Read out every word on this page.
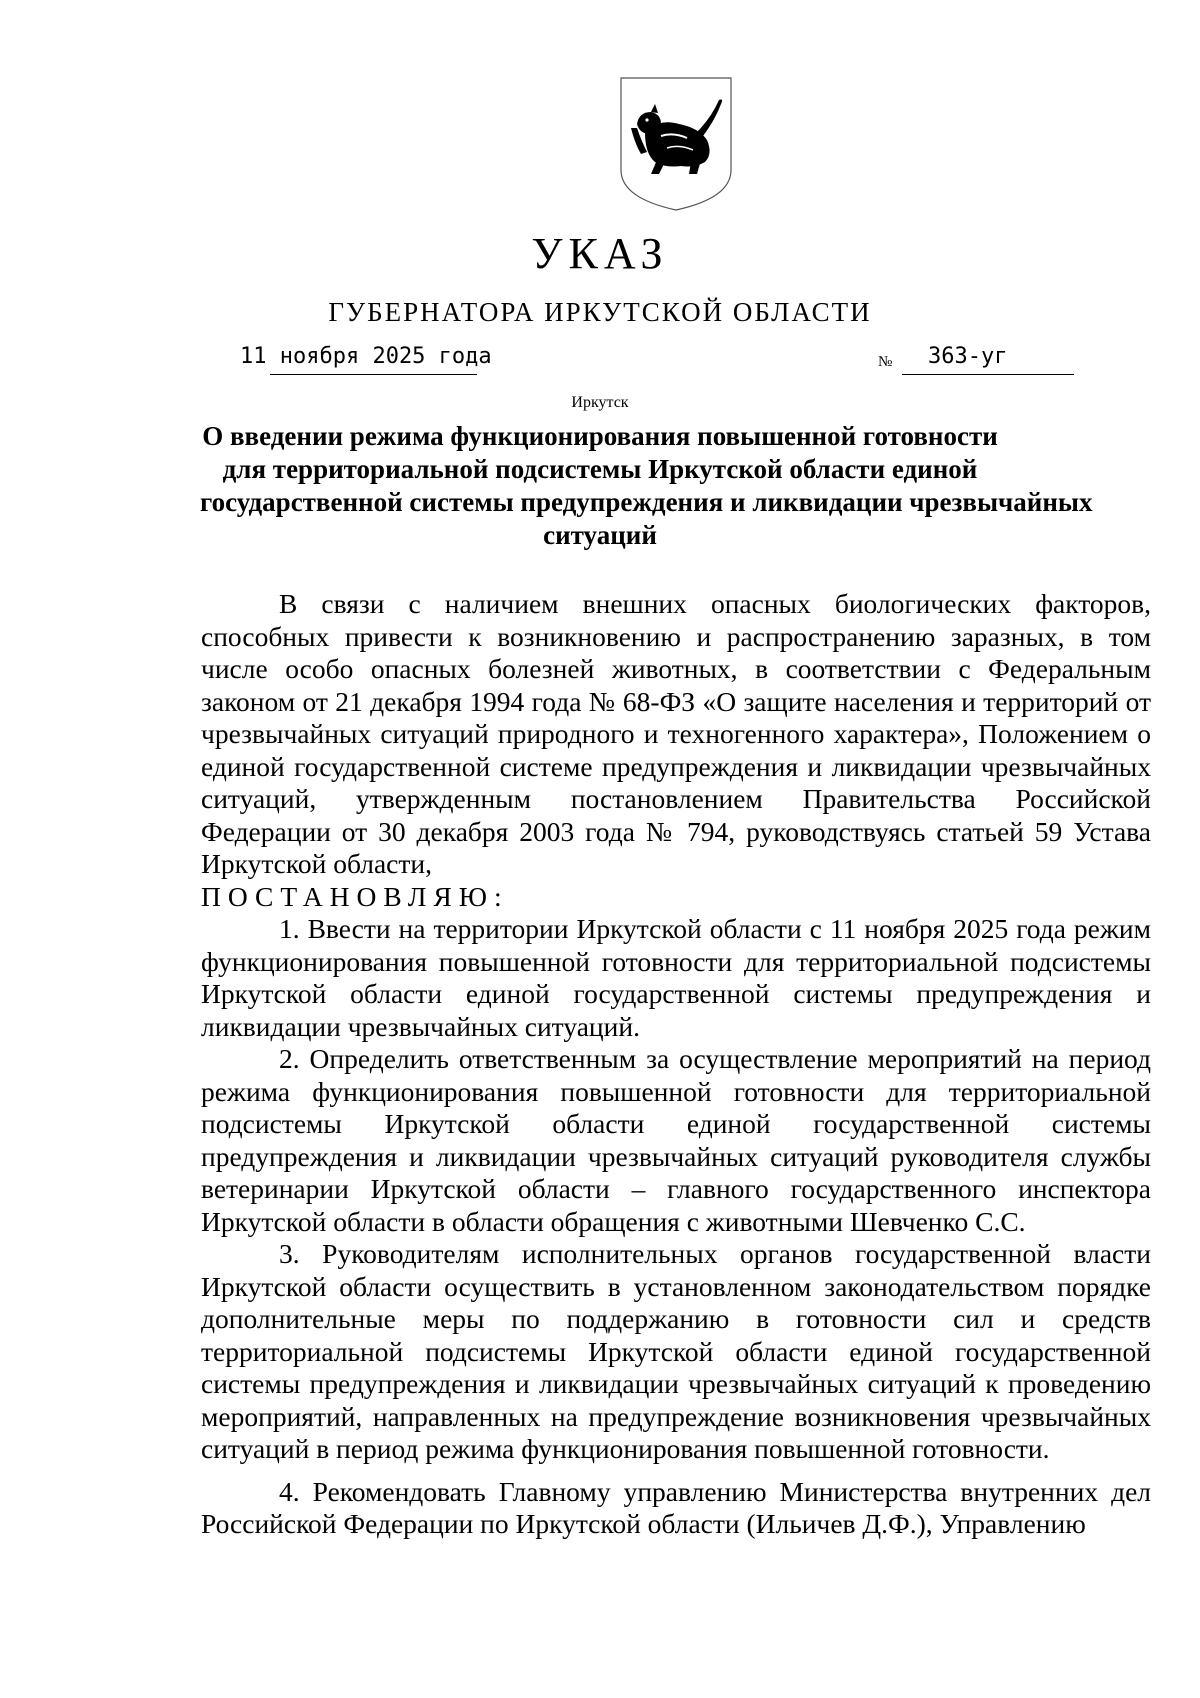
УКАЗ
ГУБЕРНАТОРА ИРКУТСКОЙ ОБЛАСТИ
11 ноября 2025 года	№ 363-уг
Иркутск
О введении режима функционирования повышенной готовности
для территориальной подсистемы Иркутской области единой
государственной системы предупреждения и ликвидации чрезвычайных
ситуаций

В связи с наличием внешних опасных биологических факторов, способных привести к возникновению и распространению заразных, в том числе особо опасных болезней животных, в соответствии с Федеральным законом от 21 декабря 1994 года № 68-ФЗ «О защите населения и территорий от чрезвычайных ситуаций природного и техногенного характера», Положением о единой государственной системе предупреждения и ликвидации чрезвычайных ситуаций, утвержденным постановлением Правительства Российской Федерации от 30 декабря 2003 года № 794, руководствуясь статьей 59 Устава Иркутской области,

ПОСТАНОВЛЯЮ:

1. Ввести на территории Иркутской области с 11 ноября 2025 года режим функционирования повышенной готовности для территориальной подсистемы Иркутской области единой государственной системы предупреждения и ликвидации чрезвычайных ситуаций.

2. Определить ответственным за осуществление мероприятий на период режима функционирования повышенной готовности для территориальной подсистемы Иркутской области единой государственной системы предупреждения и ликвидации чрезвычайных ситуаций руководителя службы ветеринарии Иркутской области – главного государственного инспектора Иркутской области в области обращения с животными Шевченко С.С.

3. Руководителям исполнительных органов государственной власти Иркутской области осуществить в установленном законодательством порядке дополнительные меры по поддержанию в готовности сил и средств территориальной подсистемы Иркутской области единой государственной системы предупреждения и ликвидации чрезвычайных ситуаций к проведению мероприятий, направленных на предупреждение возникновения чрезвычайных ситуаций в период режима функционирования повышенной готовности.

4. Рекомендовать Главному управлению Министерства внутренних дел Российской Федерации по Иркутской области (Ильичев Д.Ф.), Управлению
